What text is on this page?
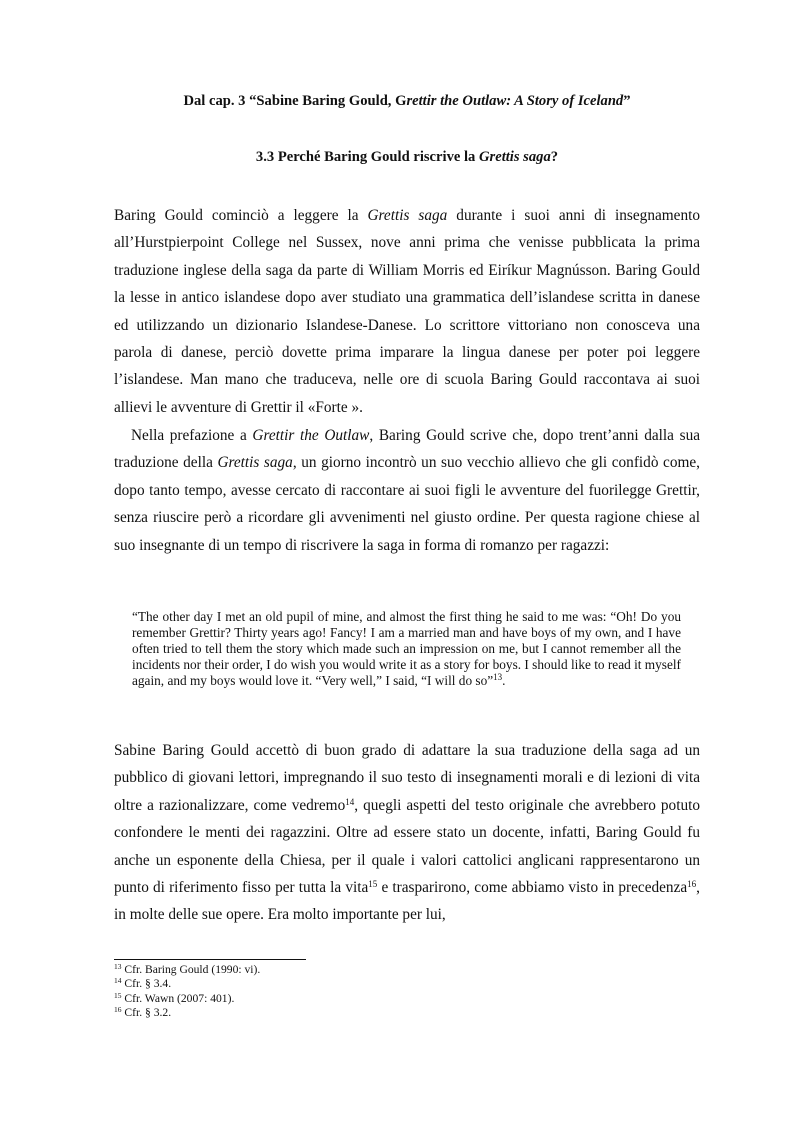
Dal cap. 3 “Sabine Baring Gould, Grettir the Outlaw: A Story of Iceland”
3.3 Perché Baring Gould riscrive la Grettis saga?

Baring Gould cominciò a leggere la Grettis saga durante i suoi anni di insegnamento all’Hurstpierpoint College nel Sussex, nove anni prima che venisse pubblicata la prima traduzione inglese della saga da parte di William Morris ed Eiríkur Magnússon. Baring Gould la lesse in antico islandese dopo aver studiato una grammatica dell’islandese scritta in danese ed utilizzando un dizionario Islandese-Danese. Lo scrittore vittoriano non conosceva una parola di danese, perciò dovette prima imparare la lingua danese per poter poi leggere l’islandese. Man mano che traduceva, nelle ore di scuola Baring Gould raccontava ai suoi allievi le avventure di Grettir il «Forte ».

Nella prefazione a Grettir the Outlaw, Baring Gould scrive che, dopo trent’anni dalla sua traduzione della Grettis saga, un giorno incontrò un suo vecchio allievo che gli confidò come, dopo tanto tempo, avesse cercato di raccontare ai suoi figli le avventure del fuorilegge Grettir, senza riuscire però a ricordare gli avvenimenti nel giusto ordine. Per questa ragione chiese al suo insegnante di un tempo di riscrivere la saga in forma di romanzo per ragazzi:

“The other day I met an old pupil of mine, and almost the first thing he said to me was: “Oh! Do you remember Grettir? Thirty years ago! Fancy! I am a married man and have boys of my own, and I have often tried to tell them the story which made such an impression on me, but I cannot remember all the incidents nor their order, I do wish you would write it as a story for boys. I should like to read it myself again, and my boys would love it. “Very well,” I said, “I will do so”$^{13}$.

Sabine Baring Gould accettò di buon grado di adattare la sua traduzione della saga ad un pubblico di giovani lettori, impregnando il suo testo di insegnamenti morali e di lezioni di vita oltre a razionalizzare, come vedremo$^{14}$, quegli aspetti del testo originale che avrebbero potuto confondere le menti dei ragazzini. Oltre ad essere stato un docente, infatti, Baring Gould fu anche un esponente della Chiesa, per il quale i valori cattolici anglicani rappresentarono un punto di riferimento fisso per tutta la vita$^{15}$ e trasparirono, come abbiamo visto in precedenza$^{16}$, in molte delle sue opere. Era molto importante per lui,

$^{13}$ Cfr. Baring Gould (1990: vi).
$^{14}$ Cfr. § 3.4.
$^{15}$ Cfr. Wawn (2007: 401).
$^{16}$ Cfr. § 3.2.
